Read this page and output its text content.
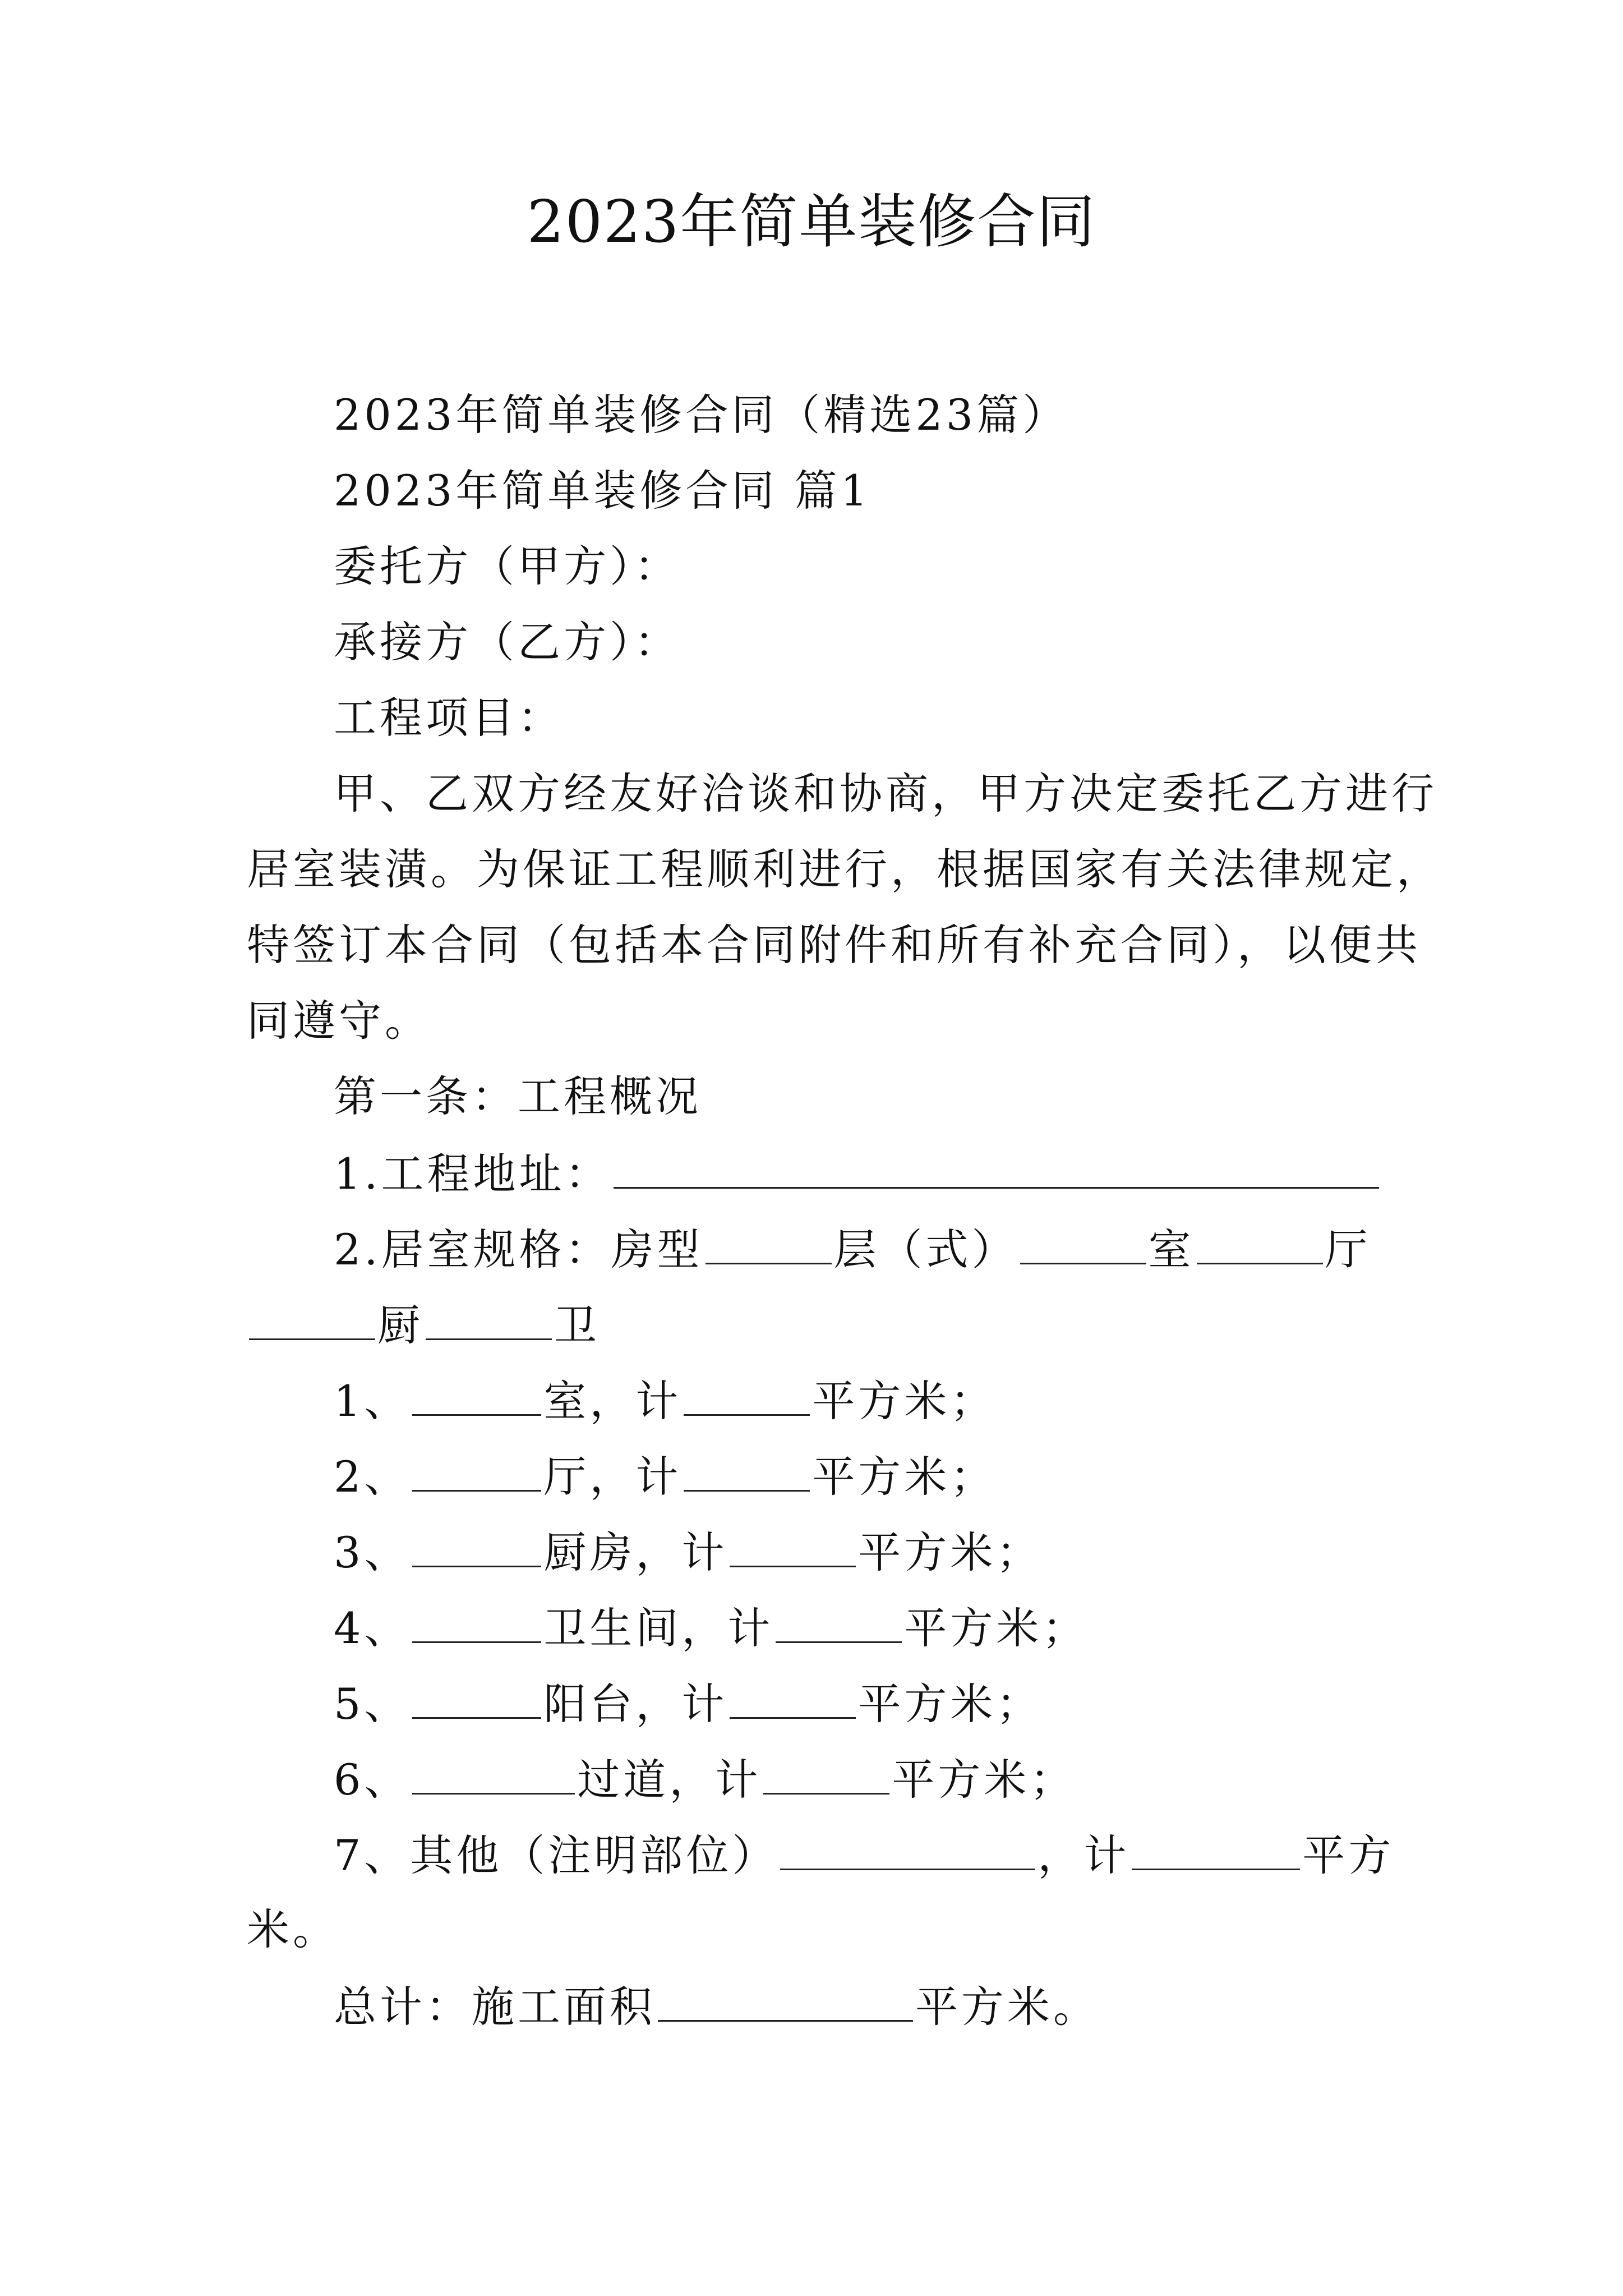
2023年简单装修合同
2023年简单装修合同（精选23篇）
2023年简单装修合同 篇1
委托方（甲方）：
承接方（乙方）：
工程项目：
甲、乙双方经友好洽谈和协商，甲方决定委托乙方进行
居室装潢。为保证工程顺利进行，根据国家有关法律规定，
特签订本合同（包括本合同附件和所有补充合同），以便共
同遵守。
第一条：工程概况
1.工程地址：
2.居室规格：房型	层（式）	室	厅
厨	卫
1、	室，计	平方米；
2、	厅，计	平方米；
3、	厨房，计	平方米；
4、	卫生间，计	平方米；
5、	阳台，计	平方米；
6、	过道，计	平方米；
7、其他（注明部位）	，计	平方
米。
总计：施工面积	平方米。
